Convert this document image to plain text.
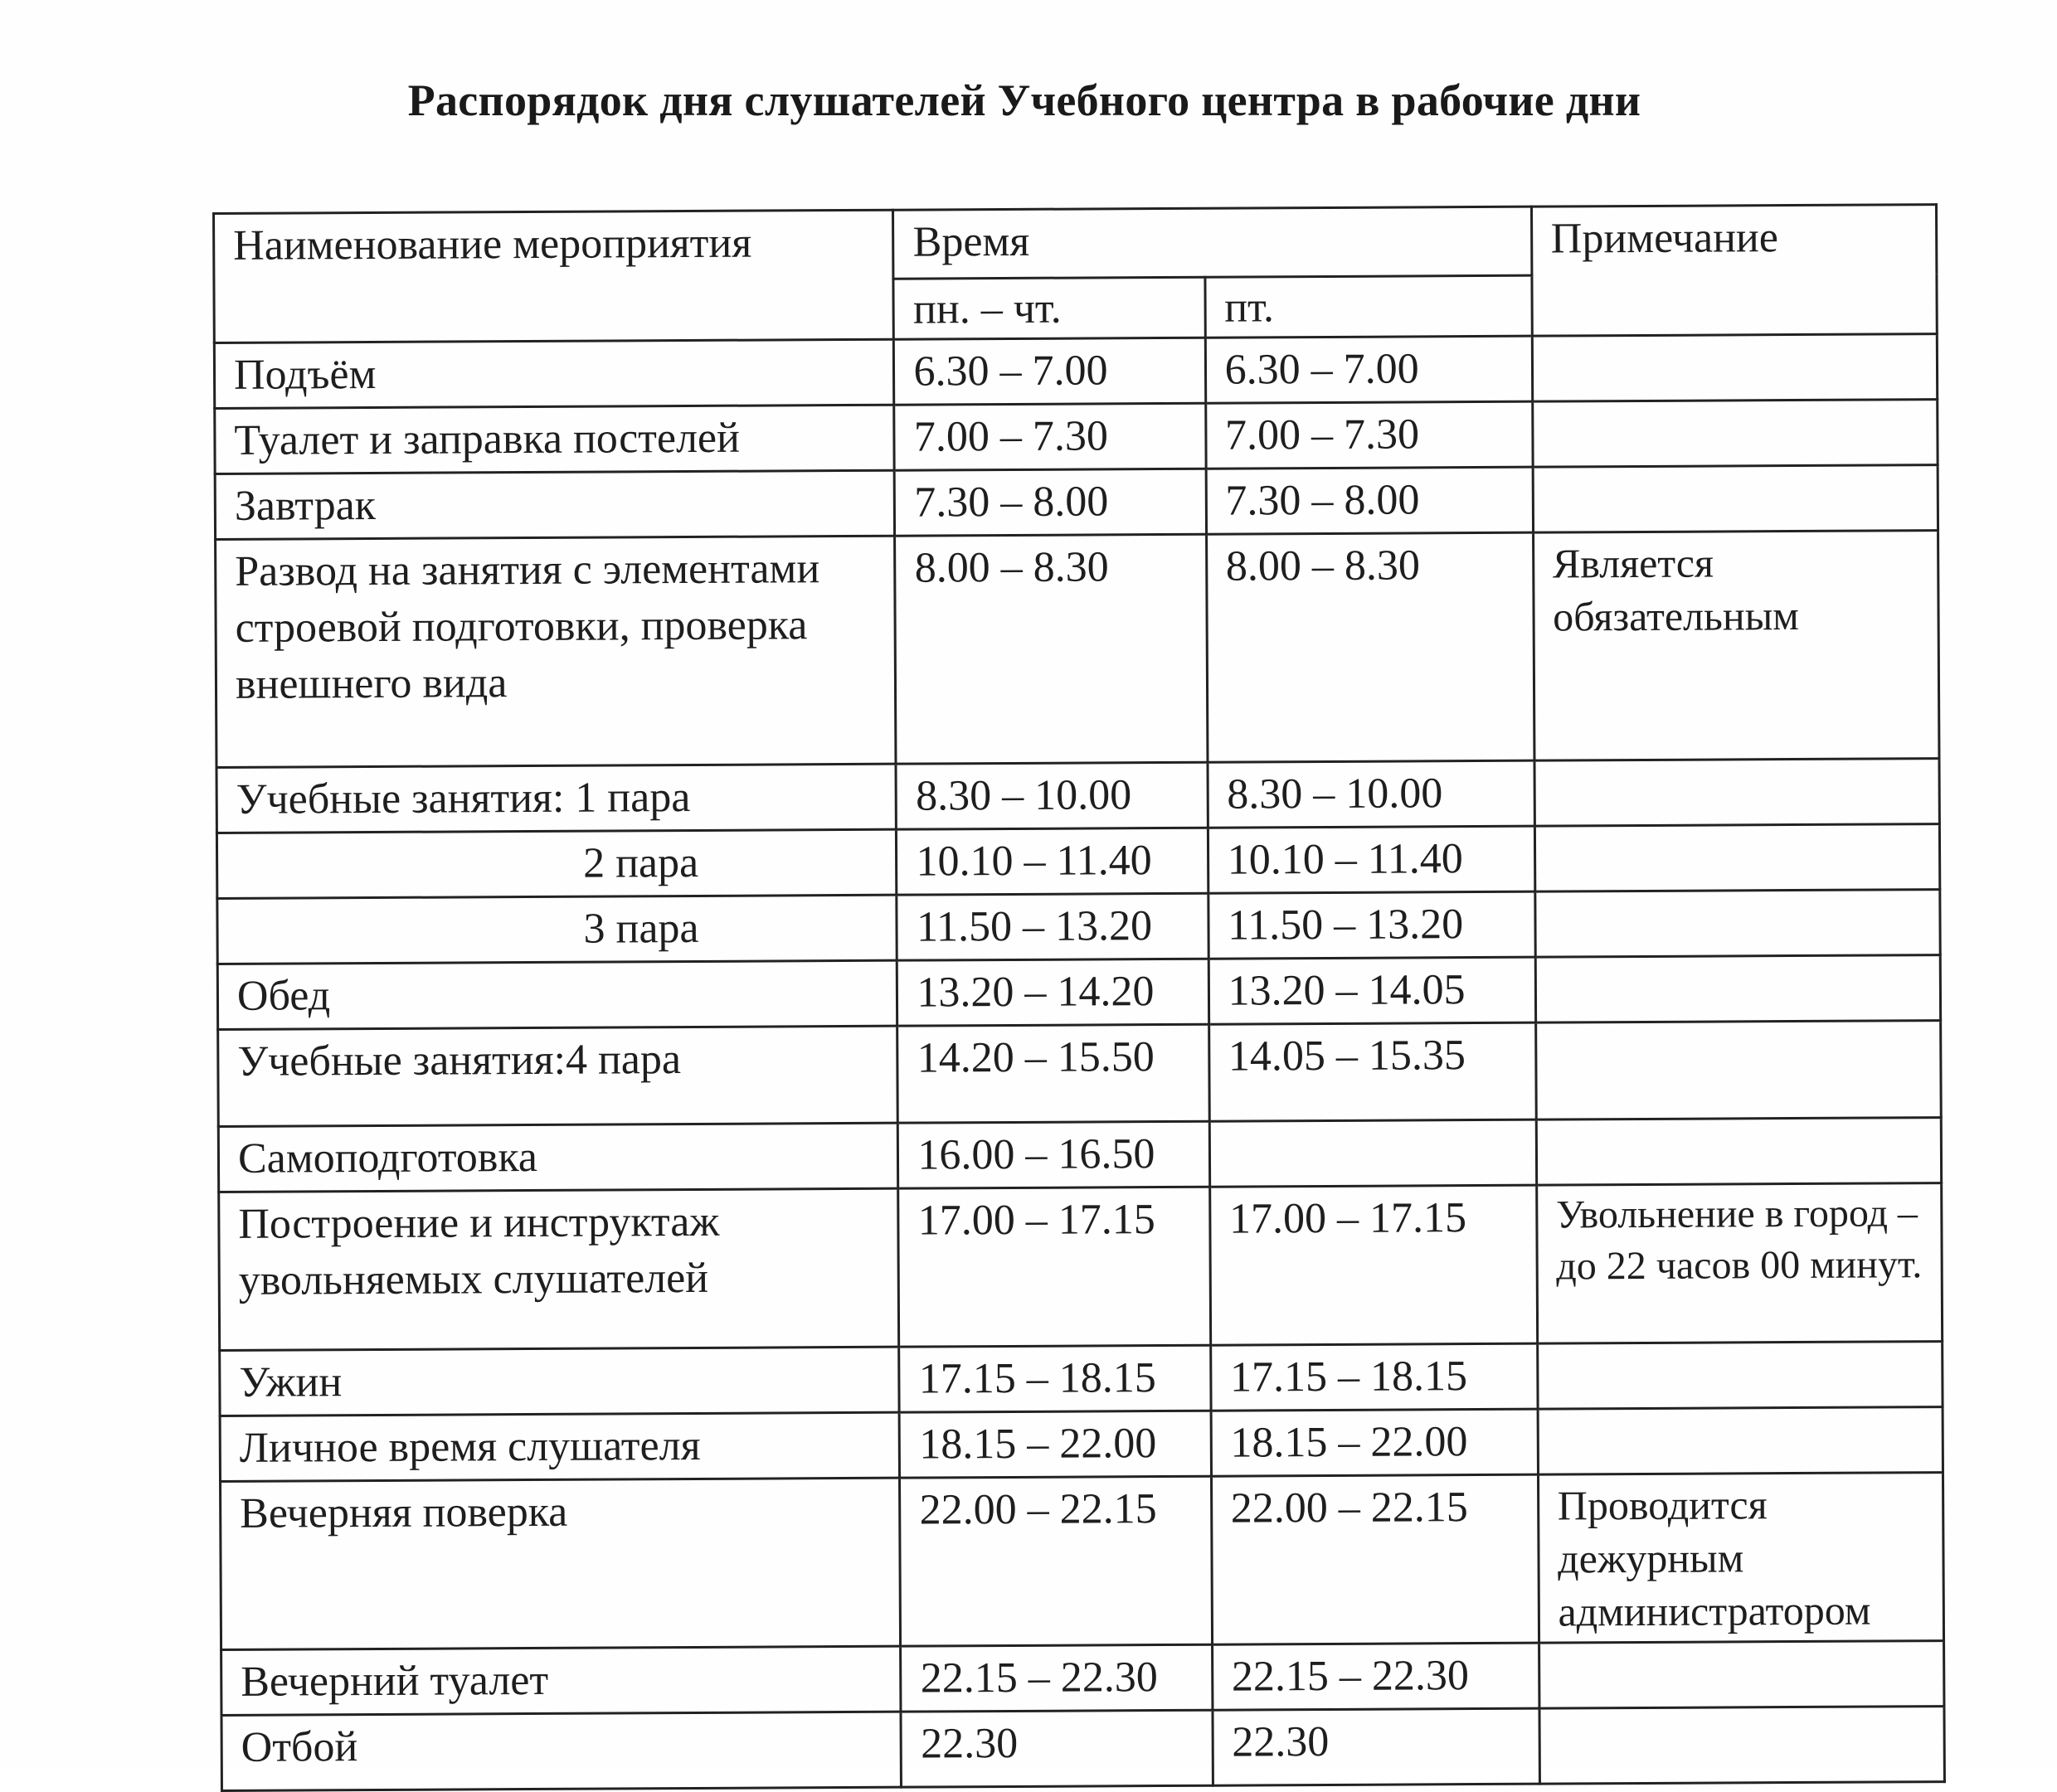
Распорядок дня слушателей Учебного центра в рабочие дни
Наименование мероприятия	Время		Примечание
	пн. – чт.	пт.	
Подъём	6.30 – 7.00	6.30 – 7.00	
Туалет и заправка постелей	7.00 – 7.30	7.00 – 7.30	
Завтрак	7.30 – 8.00	7.30 – 8.00	
Развод на занятия с элементами строевой подготовки, проверка внешнего вида	8.00 – 8.30	8.00 – 8.30	Является обязательным
Учебные занятия: 1 пара	8.30 – 10.00	8.30 – 10.00	
2 пара	10.10 – 11.40	10.10 – 11.40	
3 пара	11.50 – 13.20	11.50 – 13.20	
Обед	13.20 – 14.20	13.20 – 14.05	
Учебные занятия:4 пара	14.20 – 15.50	14.05 – 15.35	
Самоподготовка	16.00 – 16.50		
Построение и инструктаж увольняемых слушателей	17.00 – 17.15	17.00 – 17.15	Увольнение в город – до 22 часов 00 минут.
Ужин	17.15 – 18.15	17.15 – 18.15	
Личное время слушателя	18.15 – 22.00	18.15 – 22.00	
Вечерняя поверка	22.00 – 22.15	22.00 – 22.15	Проводится дежурным администратором
Вечерний туалет	22.15 – 22.30	22.15 – 22.30	
Отбой	22.30	22.30	
